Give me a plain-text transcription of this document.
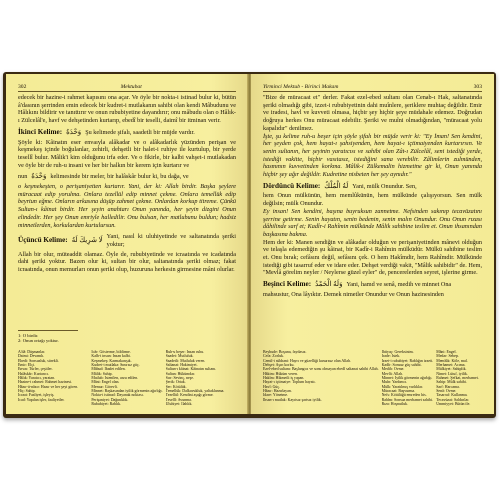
302	Mektubat

edecek bir hazine-i rahmet kapısını ona açar. Ve öyle bir nokta-i istinad bulur ki, bütün â'dasının şerrinden emin edecek bir kudret-i mutlakanın sahibi olan kendi Mâbudunu ve Hâlıkını bildirir ve tanıttırır ve onun rububiyetine dayandırır; onu mâbudu olan o Hâlık-ı Zülcelâl'e, havf ve dehşetinden kurtarıp, ebedî bir teselli, daimî bir itminan verir.

İkinci Kelime: وَحْدَهُ Şu kelimede şifalı, saadetli bir müjde vardır.

Şöyle ki: Kâinatın eser envaıyla alâkadar ve o alâkadarlık yüzünden perişan ve keşmekeş içinde boğulanlar, zehirli, dehşetli bir halet-i ruhiye ile kurtulup, bir yerde tesellî bulur. Mâlik'i kim olduğunu irfa eder. Ve o fikirle, bir kalbi vahşet-i mutlakadan ve öyle bir de ruh-u insani ve her bir halkın bir kerem için kurtarır ve

nun وَحْدَهُ kelimesinde bir meler, bir halâskâr bulur ki, bu dağa, ve

o keşmekeşten, o perişaniyetten kurtarır. Yani, der ki: Allah birdir. Başka şeylere müracaat edip yorulma. Onlara tezellül edip minnet çekme. Onlara temellük edip beyrtun eğme. Onların arkasına düşüp zahmet çekme. Onlardan korkup titreme. Çünkü Sultan-ı kâinat birdir. Her şeyin anahtarı Onun yanında, her şeyin dizgini Onun elindedir. Her şey Onun emriyle halledilir. Onu bulsan, her matlubunu buldun; hadsiz minnetlerden, korkulardan kurtulursun.

Üçüncü Kelime: لَا شَرِيكَ لَهُ Yani, nasıl ki uluhiyetinde ve saltanatında şeriki yoktur;

Allah bir olur, müteaddit olamaz. Öyle de, rububiyetinde ve icraatında ve icadatında dahi şeriki yoktur. Bazen olur ki, sultan bir olur, saltanatında şeriki olmaz; fakat icraatında, onun memurları onun şeriki olup, huzuruna herkesin girmesine mâni olurlar.

1: O birdir.
2: Onun ortağı yoktur.
A'dâ: Düşmanlar.
Daimi: Devamlı.
Ebedi: Sonsuzluk, sürekli.
Emir: Elçi.
Envaı: Türler, çeşitler.
Halâskâr: Kurtarıcı.
Hâlık: Yaratıcı, yaratan.
Hazine-i rahmet: Rahmet hazinesi.
Hâzır-ü-nâzır: Hazır ve her şeyi gören.
Hiç: Sahip.
İcraat: Faaliyet, işleyiş.
İcad: Yapılan işler, faaliyetler.
İcâr: Gösterme, bildirme.
Kalb-i insan: İnsan kalbi.
Keşmekeş: Karmakarışık.
Kudret-i mutlaka: Sınırsız güç.
Mâbud: İbadet edilen.
Mâlik: Sahip.
Matlub: İstenilen, arzu edilen.
Mâni: Engel olan.
Memur: Görevli.
Minnet: Başkasından iyilik görmenin ağırlığı.
Nokta-i istinad: Dayanak noktası.
Perişaniyet: Dağınıklık.
Rububiyet: Rablık.
Ruh-u beşer: İnsan ruhu.
Saadet: Mutluluk.
Saadetli: Mutluluk veren.
Saltanat: Hakimiyet.
Sultan-ı kâinat: Kâinatın sultanı.
Sultan: Hükümdar.
Sırr: Sevinç, neşe.
Şerik: Ortak.
Şer: Kötülük.
Temellük: Dalkavukluk, yaltaklanma.
Tezellül: Kendini aşağı görme.
Tesellî: Avunma.
Uluhiyet: İlahlık.
Yirminci Mektub - Birinci Makam	303

"Bize de müracaat et" derler. Fakat ezel-ebed sultanı olan Cenab-ı Hak, saltanatında şeriki olmadığı gibi, izzet-i rububiyetinin dahi muînlere, şeriklere muhtaç değildir. Emir ve iradesi, havl ve kuvveti olmasa, hiçbir şey hiçbir şeye müdahale edemez. Doğrudan doğruya herkes Onu müracaat edebilir. Şeriki ve muîni olmadığından, "müracaat yolu kapalıdır" denilmez.

İşte, şu kelime ruh-u beşer için şöyle şifalı bir müjde verir ki: "Ey İman! Sen kendini, her şeyden çok, hem hayat-ı şahsiyenden, hem hayat-ı içtimaiyenden kurtarırsın. Ve senin sultanın, her şeyinin yaratıcısı ve sahibi olan Zât-ı Zülcelâl, seni istediği yerde, istediği vakitte, hiçbir vasıtasız, istediğini sana verebilir. Zâlimlerin zulmünden, hasmının kuvvetinden korkma. Mâlik-i Zülkemalin hizmetine gir ki, Onun yanında hiçbir şey ağır değildir. Kudretine nisbeten her şey aynıdır."

Dördüncü Kelime: لَهُ الْمُلْكُ Yani, mülk Onundur. Sen,

hem Onun mülkünün, hem memlûkünün, hem mülkünde çalışıyorsun. Sen mülk değilsin; mülk Onundur.

Ey insan! Sen kendini, başına buyruksun zannetme. Nefsinden sakınıp tecavüzatını şerrine getirme. Senin hayatın, senin bedenin, senin malın Onundur. Onu Onun rızası dâhilinde sarf et; Kadîr-i Rahîmin mülkünde Mâlik sahibine teslim et. Onun ihsanından başkasına bakma.

Hem der ki: Manen sendiğin ve alâkadar olduğun ve perişaniyetinden mânevi olduğun ve telaşla edemediğin şu kâinat, bir Kadîr-i Rahîmin mülküdür. Mülkü sahibine teslim et. Onu bırak; cefâsını değil, sefâsını çek. O hem Hakîmdir, hem Rahîmdir. Mülkünde istediği gibi tasarruf eder ve idare eder. Dehşet verdiği vakit, "Mâlik sahibidir" de. Hem, "Mevlâ görelim neyler / Neylerse güzel eyler" de, pencerelerden seyret, işlerine girme.

Beşinci Kelime: وَلَهُ الْحَمْدُ Yani, hamd ve senâ, medih ve minnet Ona

mahsustur, Ona lâyıktır. Demek nimetler Onundur ve Onun hazinesinden

Beyhude: Boşuna, faydasız.
Cefa: Zorluk.
Cemil-i sübhani: Hayrı ve güzelliği kusursuz olan Allah.
Dehşet: Aşırı korku.
Ezel-ebed sultanı: Başlangıcı ve sonu olmayan ebedî saltanat sahibi Allah.
Hâkim: Hüküm veren.
Hakîm: Hikmetli iş yapan.
Hayat-ı içtimaiye: Toplum hayatı.
Havl: Güç.
Hâzır: Hazırlayan.
İdare: Yönetme.
İhsan-ı mutlak: Kayıtsız şartsız iyilik.
İhtiyaç: Gereksinim.
İrade: İstek.
İzzet-i rububiyet: Rablığın izzeti.
Kadîr: Sonsuz güç sahibi.
Medih: Övme.
Mevlâ: Allah.
Minnet: İyilik görmenin ağırlığı.
Muîn: Yardımcı.
Mülk: Yaratılmış varlıklar.
Müracaat: Başvurma.
Nefs: Kötülüğü emreden his.
Rahîm: Sonsuz merhamet sahibi.
Rıza: Hoşnutluk.
Mâni: Engel.
Medar: Sebep.
Memlûk: Köle, mal.
Merhamet: Acıma.
Mülkiyet: Sahiplik.
Nimet: Lütuf, iyilik.
Rahmet: Şefkat, merhamet.
Sahip: Mülk sahibi.
Sarf: Harcama.
Senâ: Övme.
Tasarruf: Kullanma.
Tecavüzat: Saldırılar.
Ümmiyyet: Bütün ile.
